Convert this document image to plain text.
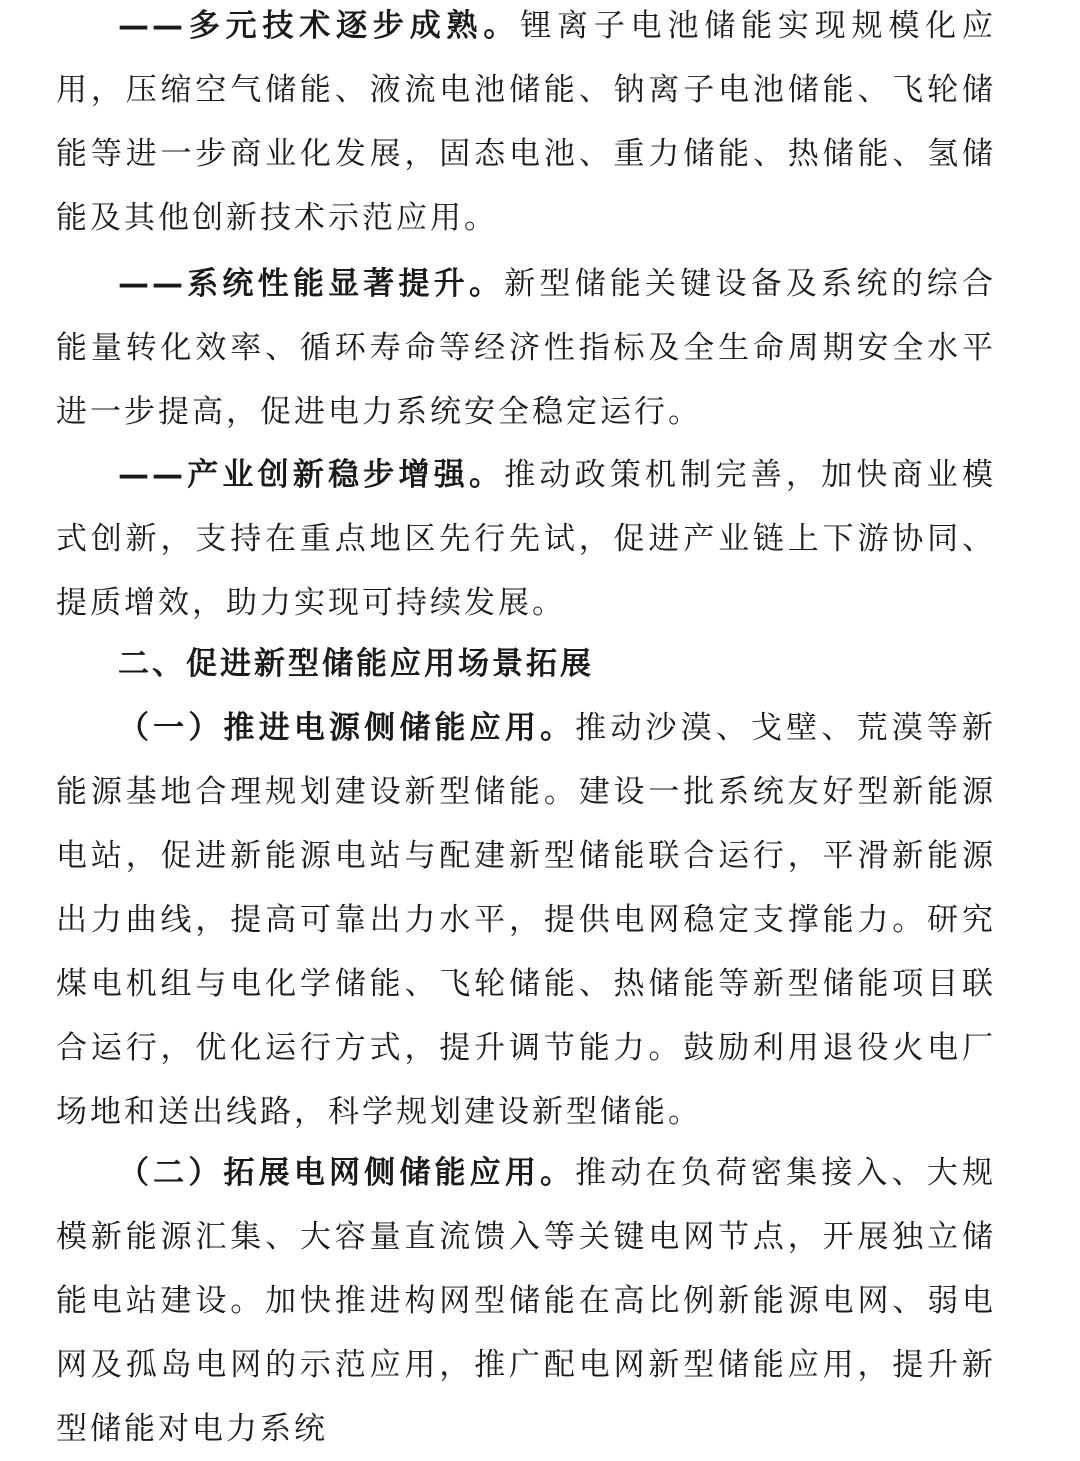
——多元技术逐步成熟。锂离子电池储能实现规模化应用，压缩空气储能、液流电池储能、钠离子电池储能、飞轮储能等进一步商业化发展，固态电池、重力储能、热储能、氢储能及其他创新技术示范应用。

——系统性能显著提升。新型储能关键设备及系统的综合能量转化效率、循环寿命等经济性指标及全生命周期安全水平进一步提高，促进电力系统安全稳定运行。

——产业创新稳步增强。推动政策机制完善，加快商业模式创新，支持在重点地区先行先试，促进产业链上下游协同、提质增效，助力实现可持续发展。

二、促进新型储能应用场景拓展

（一）推进电源侧储能应用。推动沙漠、戈壁、荒漠等新能源基地合理规划建设新型储能。建设一批系统友好型新能源电站，促进新能源电站与配建新型储能联合运行，平滑新能源出力曲线，提高可靠出力水平，提供电网稳定支撑能力。研究煤电机组与电化学储能、飞轮储能、热储能等新型储能项目联合运行，优化运行方式，提升调节能力。鼓励利用退役火电厂场地和送出线路，科学规划建设新型储能。

（二）拓展电网侧储能应用。推动在负荷密集接入、大规模新能源汇集、大容量直流馈入等关键电网节点，开展独立储能电站建设。加快推进构网型储能在高比例新能源电网、弱电网及孤岛电网的示范应用，推广配电网新型储能应用，提升新型储能对电力系统
